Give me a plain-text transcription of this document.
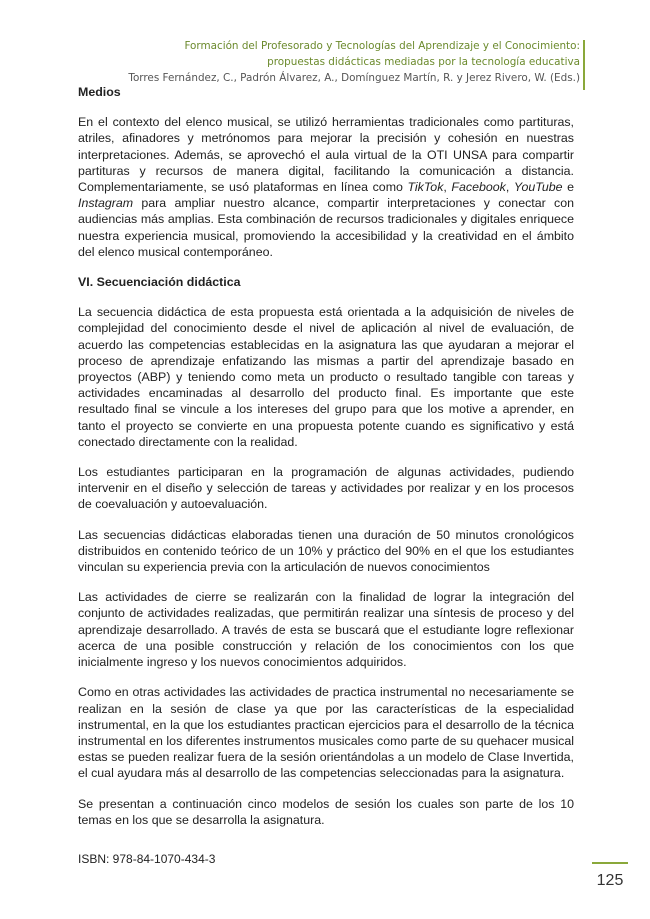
Formación del Profesorado y Tecnologías del Aprendizaje y el Conocimiento:
propuestas didácticas mediadas por la tecnología educativa
Torres Fernández, C., Padrón Álvarez, A., Domínguez Martín, R. y Jerez Rivero, W. (Eds.)
Medios

En el contexto del elenco musical, se utilizó herramientas tradicionales como partituras, atriles, afinadores y metrónomos para mejorar la precisión y cohesión en nuestras interpretaciones. Además, se aprovechó el aula virtual de la OTI UNSA para compartir partituras y recursos de manera digital, facilitando la comunicación a distancia. Complementariamente, se usó plataformas en línea como TikTok, Facebook, YouTube e Instagram para ampliar nuestro alcance, compartir interpretaciones y conectar con audiencias más amplias. Esta combinación de recursos tradicionales y digitales enriquece nuestra experiencia musical, promoviendo la accesibilidad y la creatividad en el ámbito del elenco musical contemporáneo.

VI. Secuenciación didáctica

La secuencia didáctica de esta propuesta está orientada a la adquisición de niveles de complejidad del conocimiento desde el nivel de aplicación al nivel de evaluación, de acuerdo las competencias establecidas en la asignatura las que ayudaran a mejorar el proceso de aprendizaje enfatizando las mismas a partir del aprendizaje basado en proyectos (ABP) y teniendo como meta un producto o resultado tangible con tareas y actividades encaminadas al desarrollo del producto final. Es importante que este resultado final se vincule a los intereses del grupo para que los motive a aprender, en tanto el proyecto se convierte en una propuesta potente cuando es significativo y está conectado directamente con la realidad.

Los estudiantes participaran en la programación de algunas actividades, pudiendo intervenir en el diseño y selección de tareas y actividades por realizar y en los procesos de coevaluación y autoevaluación.

Las secuencias didácticas elaboradas tienen una duración de 50 minutos cronológicos distribuidos en contenido teórico de un 10% y práctico del 90% en el que los estudiantes vinculan su experiencia previa con la articulación de nuevos conocimientos

Las actividades de cierre se realizarán con la finalidad de lograr la integración del conjunto de actividades realizadas, que permitirán realizar una síntesis de proceso y del aprendizaje desarrollado. A través de esta se buscará que el estudiante logre reflexionar acerca de una posible construcción y relación de los conocimientos con los que inicialmente ingreso y los nuevos conocimientos adquiridos.

Como en otras actividades las actividades de practica instrumental no necesariamente se realizan en la sesión de clase ya que por las características de la especialidad instrumental, en la que los estudiantes practican ejercicios para el desarrollo de la técnica instrumental en los diferentes instrumentos musicales como parte de su quehacer musical estas se pueden realizar fuera de la sesión orientándolas a un modelo de Clase Invertida, el cual ayudara más al desarrollo de las competencias seleccionadas para la asignatura.

Se presentan a continuación cinco modelos de sesión los cuales son parte de los 10 temas en los que se desarrolla la asignatura.

ISBN: 978-84-1070-434-3
125
